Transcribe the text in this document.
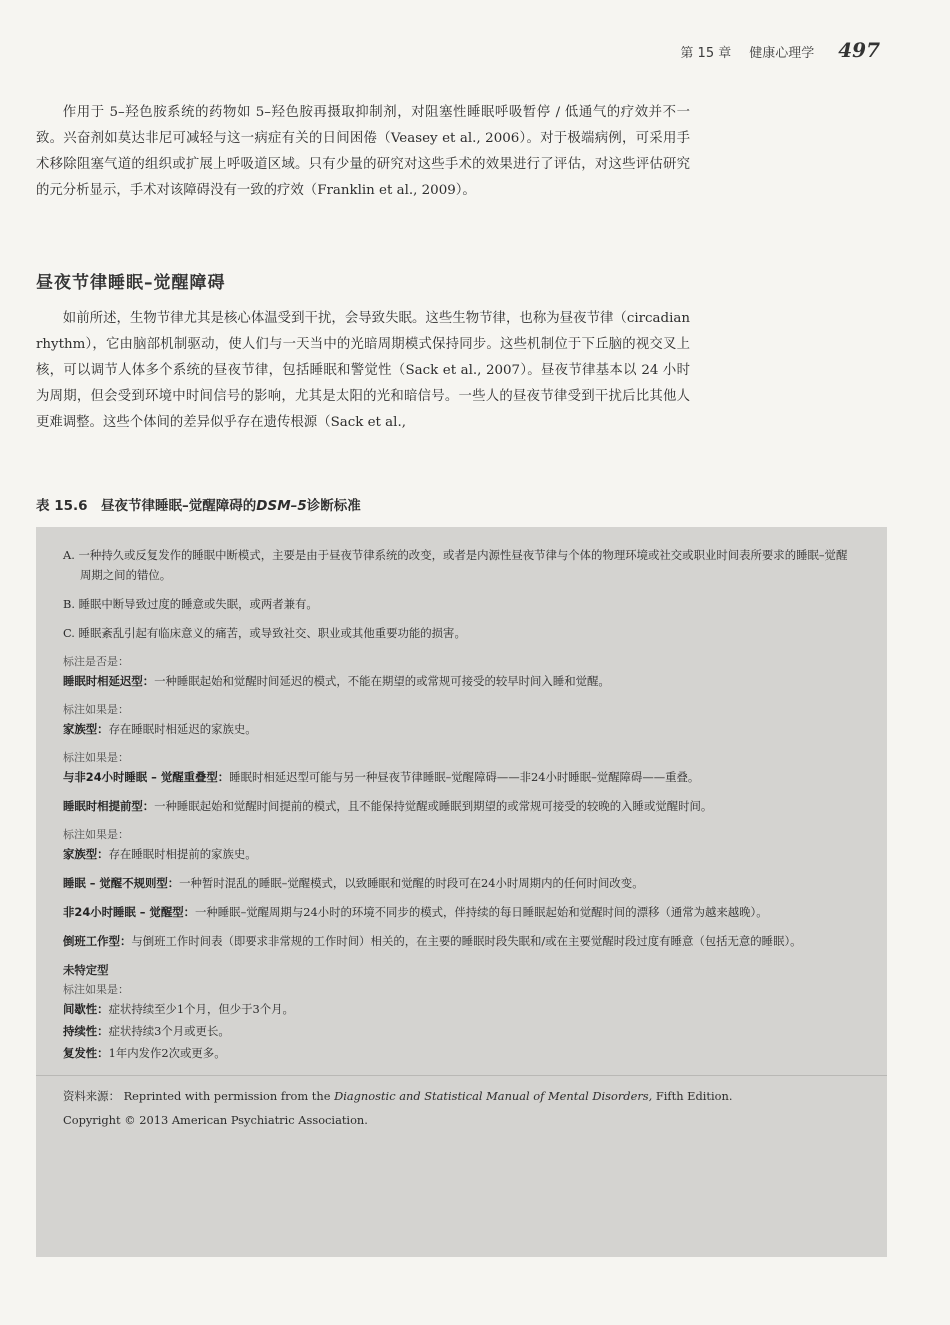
第 15 章 健康心理学 497

作用于 5–羟色胺系统的药物如 5–羟色胺再摄取抑制剂，对阻塞性睡眠呼吸暂停 / 低通气的疗效并不一致。兴奋剂如莫达非尼可减轻与这一病症有关的日间困倦（Veasey et al., 2006）。对于极端病例，可采用手术移除阻塞气道的组织或扩展上呼吸道区域。只有少量的研究对这些手术的效果进行了评估，对这些评估研究的元分析显示，手术对该障碍没有一致的疗效（Franklin et al., 2009）。

昼夜节律睡眠–觉醒障碍

如前所述，生物节律尤其是核心体温受到干扰，会导致失眠。这些生物节律，也称为昼夜节律（circadian rhythm），它由脑部机制驱动，使人们与一天当中的光暗周期模式保持同步。这些机制位于下丘脑的视交叉上核，可以调节人体多个系统的昼夜节律，包括睡眠和警觉性（Sack et al., 2007）。昼夜节律基本以 24 小时为周期，但会受到环境中时间信号的影响，尤其是太阳的光和暗信号。一些人的昼夜节律受到干扰后比其他人更难调整。这些个体间的差异似乎存在遗传根源（Sack et al.,

表 15.6　昼夜节律睡眠–觉醒障碍的DSM–5诊断标准

A. 一种持久或反复发作的睡眠中断模式，主要是由于昼夜节律系统的改变，或者是内源性昼夜节律与个体的物理环境或社交或职业时间表所要求的睡眠–觉醒周期之间的错位。

B. 睡眠中断导致过度的睡意或失眠，或两者兼有。

C. 睡眠紊乱引起有临床意义的痛苦，或导致社交、职业或其他重要功能的损害。

标注是否是：

睡眠时相延迟型：一种睡眠起始和觉醒时间延迟的模式，不能在期望的或常规可接受的较早时间入睡和觉醒。

标注如果是：

家族型：存在睡眠时相延迟的家族史。

标注如果是：

与非24小时睡眠 – 觉醒重叠型：睡眠时相延迟型可能与另一种昼夜节律睡眠–觉醒障碍——非24小时睡眠–觉醒障碍——重叠。

睡眠时相提前型：一种睡眠起始和觉醒时间提前的模式，且不能保持觉醒或睡眠到期望的或常规可接受的较晚的入睡或觉醒时间。

标注如果是：

家族型：存在睡眠时相提前的家族史。

睡眠 – 觉醒不规则型：一种暂时混乱的睡眠–觉醒模式，以致睡眠和觉醒的时段可在24小时周期内的任何时间改变。

非24小时睡眠 – 觉醒型：一种睡眠–觉醒周期与24小时的环境不同步的模式，伴持续的每日睡眠起始和觉醒时间的漂移（通常为越来越晚）。

倒班工作型：与倒班工作时间表（即要求非常规的工作时间）相关的，在主要的睡眠时段失眠和/或在主要觉醒时段过度有睡意（包括无意的睡眠）。

未特定型

标注如果是：

间歇性：症状持续至少1个月，但少于3个月。

持续性：症状持续3个月或更长。

复发性：1年内发作2次或更多。

资料来源： Reprinted with permission from the Diagnostic and Statistical Manual of Mental Disorders, Fifth Edition.

Copyright © 2013 American Psychiatric Association.
